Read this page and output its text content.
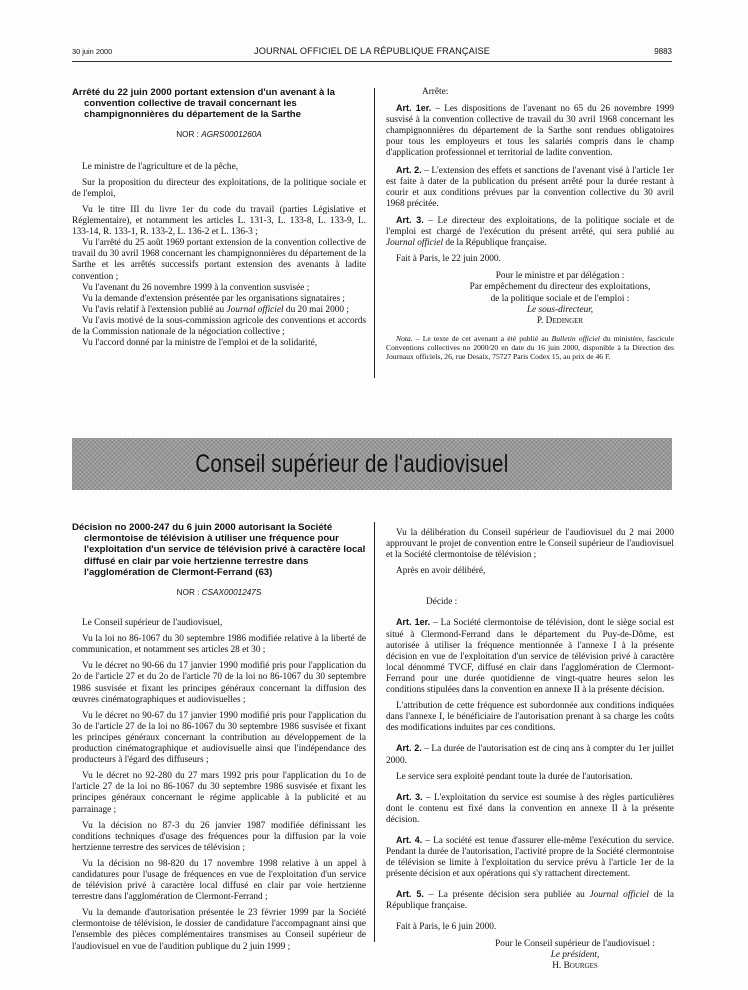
30 juin 2000	JOURNAL OFFICIEL DE LA RÉPUBLIQUE FRANÇAISE	9883

Arrêté du 22 juin 2000 portant extension d'un avenant à la convention collective de travail concernant les champignonnières du département de la Sarthe

NOR : AGRS0001260A

Le ministre de l'agriculture et de la pêche,

Sur la proposition du directeur des exploitations, de la politique sociale et de l'emploi,

Vu le titre III du livre 1er du code du travail (parties Législative et Réglementaire), et notamment les articles L. 131-3, L. 133-8, L. 133-9, L. 133-14, R. 133-1, R. 133-2, L. 136-2 et L. 136-3 ;

Vu l'arrêté du 25 août 1969 portant extension de la convention collective de travail du 30 avril 1968 concernant les champignonnières du département de la Sarthe et les arrêtés successifs portant extension des avenants à ladite convention ;

Vu l'avenant du 26 novembre 1999 à la convention susvisée ;

Vu la demande d'extension présentée par les organisations signataires ;

Vu l'avis relatif à l'extension publié au Journal officiel du 20 mai 2000 ;

Vu l'avis motivé de la sous-commission agricole des conventions et accords de la Commission nationale de la négociation collective ;

Vu l'accord donné par la ministre de l'emploi et de la solidarité,

Arrête:

Art. 1er. – Les dispositions de l'avenant no 65 du 26 novembre 1999 susvisé à la convention collective de travail du 30 avril 1968 concernant les champignonnières du département de la Sarthe sont rendues obligatoires pour tous les employeurs et tous les salariés compris dans le champ d'application professionnel et territorial de ladite convention.

Art. 2. – L'extension des effets et sanctions de l'avenant visé à l'article 1er est faite à dater de la publication du présent arrêté pour la durée restant à courir et aux conditions prévues par la convention collective du 30 avril 1968 précitée.

Art. 3. – Le directeur des exploitations, de la politique sociale et de l'emploi est chargé de l'exécution du présent arrêté, qui sera publié au Journal officiel de la République française.

Fait à Paris, le 22 juin 2000.

Pour le ministre et par délégation :

Par empêchement du directeur des exploitations,

de la politique sociale et de l'emploi :

Le sous-directeur,

P. Dedinger

Nota. – Le texte de cet avenant a été publié au Bulletin officiel du ministère, fascicule Conventions collectives no 2000/20 en date du 16 juin 2000, disponible à la Direction des Journaux officiels, 26, rue Desaix, 75727 Paris Codex 15, au prix de 46 F.

Conseil supérieur de l'audiovisuel

Décision no 2000-247 du 6 juin 2000 autorisant la Société clermontoise de télévision à utiliser une fréquence pour l'exploitation d'un service de télévision privé à caractère local diffusé en clair par voie hertzienne terrestre dans l'agglomération de Clermont-Ferrand (63)

NOR : CSAX0001247S

Le Conseil supérieur de l'audiovisuel,

Vu la loi no 86-1067 du 30 septembre 1986 modifiée relative à la liberté de communication, et notamment ses articles 28 et 30 ;

Vu le décret no 90-66 du 17 janvier 1990 modifié pris pour l'application du 2o de l'article 27 et du 2o de l'article 70 de la loi no 86-1067 du 30 septembre 1986 susvisée et fixant les principes généraux concernant la diffusion des œuvres cinématographiques et audiovisuelles ;

Vu le décret no 90-67 du 17 janvier 1990 modifié pris pour l'application du 3o de l'article 27 de la loi no 86-1067 du 30 septembre 1986 susvisée et fixant les principes généraux concernant la contribution au développement de la production cinématographique et audiovisuelle ainsi que l'indépendance des producteurs à l'égard des diffuseurs ;

Vu le décret no 92-280 du 27 mars 1992 pris pour l'application du 1o de l'article 27 de la loi no 86-1067 du 30 septembre 1986 susvisée et fixant les principes généraux concernant le régime applicable à la publicité et au parrainage ;

Vu la décision no 87-3 du 26 janvier 1987 modifiée définissant les conditions techniques d'usage des fréquences pour la diffusion par la voie hertzienne terrestre des services de télévision ;

Vu la décision no 98-820 du 17 novembre 1998 relative à un appel à candidatures pour l'usage de fréquences en vue de l'exploitation d'un service de télévision privé à caractère local diffusé en clair par voie hertzienne terrestre dans l'agglomération de Clermont-Ferrand ;

Vu la demande d'autorisation présentée le 23 février 1999 par la Société clermontoise de télévision, le dossier de candidature l'accompagnant ainsi que l'ensemble des pièces complémentaires transmises au Conseil supérieur de l'audiovisuel en vue de l'audition publique du 2 juin 1999 ;

Vu la délibération du Conseil supérieur de l'audiovisuel du 2 mai 2000 approuvant le projet de convention entre le Conseil supérieur de l'audiovisuel et la Société clermontoise de télévision ;

Après en avoir délibéré,

Décide :

Art. 1er. – La Société clermontoise de télévision, dont le siège social est situé à Clermond-Ferrand dans le département du Puy-de-Dôme, est autorisée à utiliser la fréquence mentionnée à l'annexe I à la présente décision en vue de l'exploitation d'un service de télévision privé à caractère local dénommé TVCF, diffusé en clair dans l'agglomération de Clermont-Ferrand pour une durée quotidienne de vingt-quatre heures selon les conditions stipulées dans la convention en annexe II à la présente décision.

L'attribution de cette fréquence est subordonnée aux conditions indiquées dans l'annexe I, le bénéficiaire de l'autorisation prenant à sa charge les coûts des modifications induites par ces conditions.

Art. 2. – La durée de l'autorisation est de cinq ans à compter du 1er juillet 2000.

Le service sera exploité pendant toute la durée de l'autorisation.

Art. 3. – L'exploitation du service est soumise à des règles particulières dont le contenu est fixé dans la convention en annexe II à la présente décision.

Art. 4. – La société est tenue d'assurer elle-même l'exécution du service. Pendant la durée de l'autorisation, l'activité propre de la Société clermontoise de télévision se limite à l'exploitation du service prévu à l'article 1er de la présente décision et aux opérations qui s'y rattachent directement.

Art. 5. – La présente décision sera publiée au Journal officiel de la République française.

Fait à Paris, le 6 juin 2000.

Pour le Conseil supérieur de l'audiovisuel :

Le président,

H. Bourges
